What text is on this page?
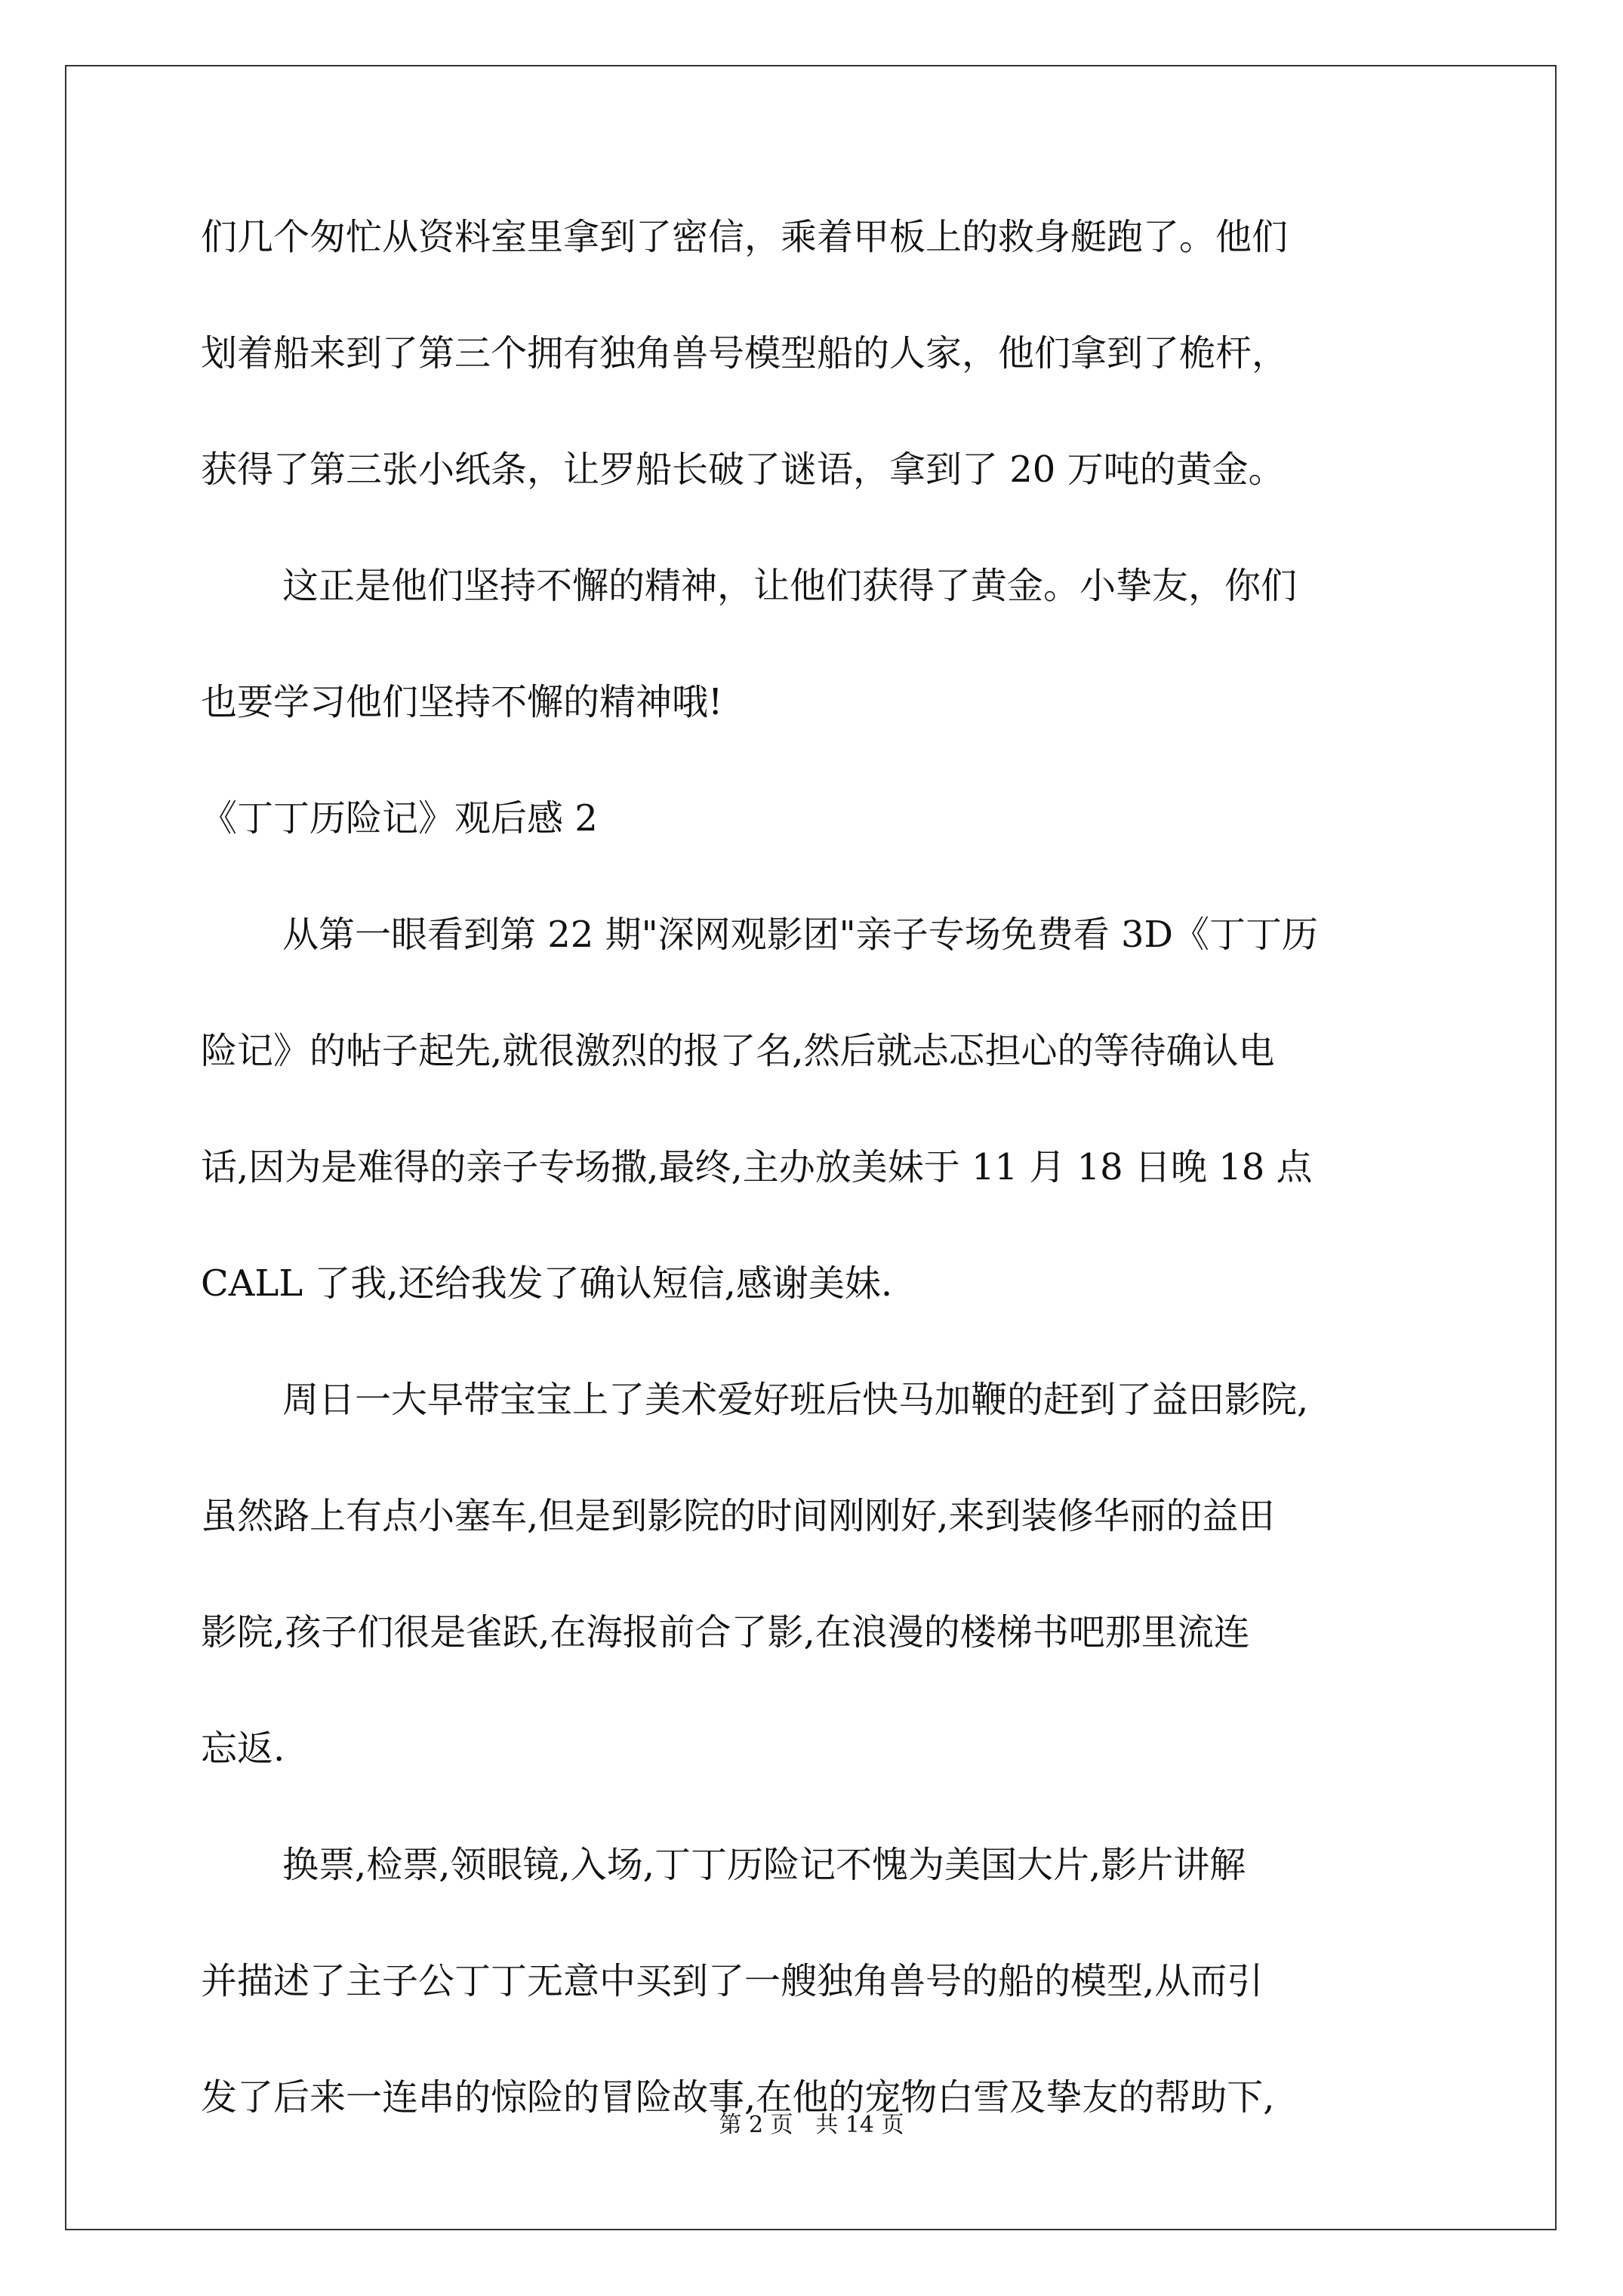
们几个匆忙从资料室里拿到了密信，乘着甲板上的救身艇跑了。他们
划着船来到了第三个拥有独角兽号模型船的人家，他们拿到了桅杆，
获得了第三张小纸条，让罗船长破了谜语，拿到了 20 万吨的黄金。
这正是他们坚持不懈的精神，让他们获得了黄金。小挚友，你们
也要学习他们坚持不懈的精神哦!
《丁丁历险记》观后感 2
从第一眼看到第 22 期"深网观影团"亲子专场免费看 3D《丁丁历
险记》的帖子起先,就很激烈的报了名,然后就忐忑担心的等待确认电
话,因为是难得的亲子专场撒,最终,主办放美妹于 11 月 18 日晚 18 点
CALL 了我,还给我发了确认短信,感谢美妹.
周日一大早带宝宝上了美术爱好班后快马加鞭的赶到了益田影院,
虽然路上有点小塞车,但是到影院的时间刚刚好,来到装修华丽的益田
影院,孩子们很是雀跃,在海报前合了影,在浪漫的楼梯书吧那里流连
忘返.
换票,检票,领眼镜,入场,丁丁历险记不愧为美国大片,影片讲解
并描述了主子公丁丁无意中买到了一艘独角兽号的船的模型,从而引
发了后来一连串的惊险的冒险故事,在他的宠物白雪及挚友的帮助下,
第 2 页 共 14 页
